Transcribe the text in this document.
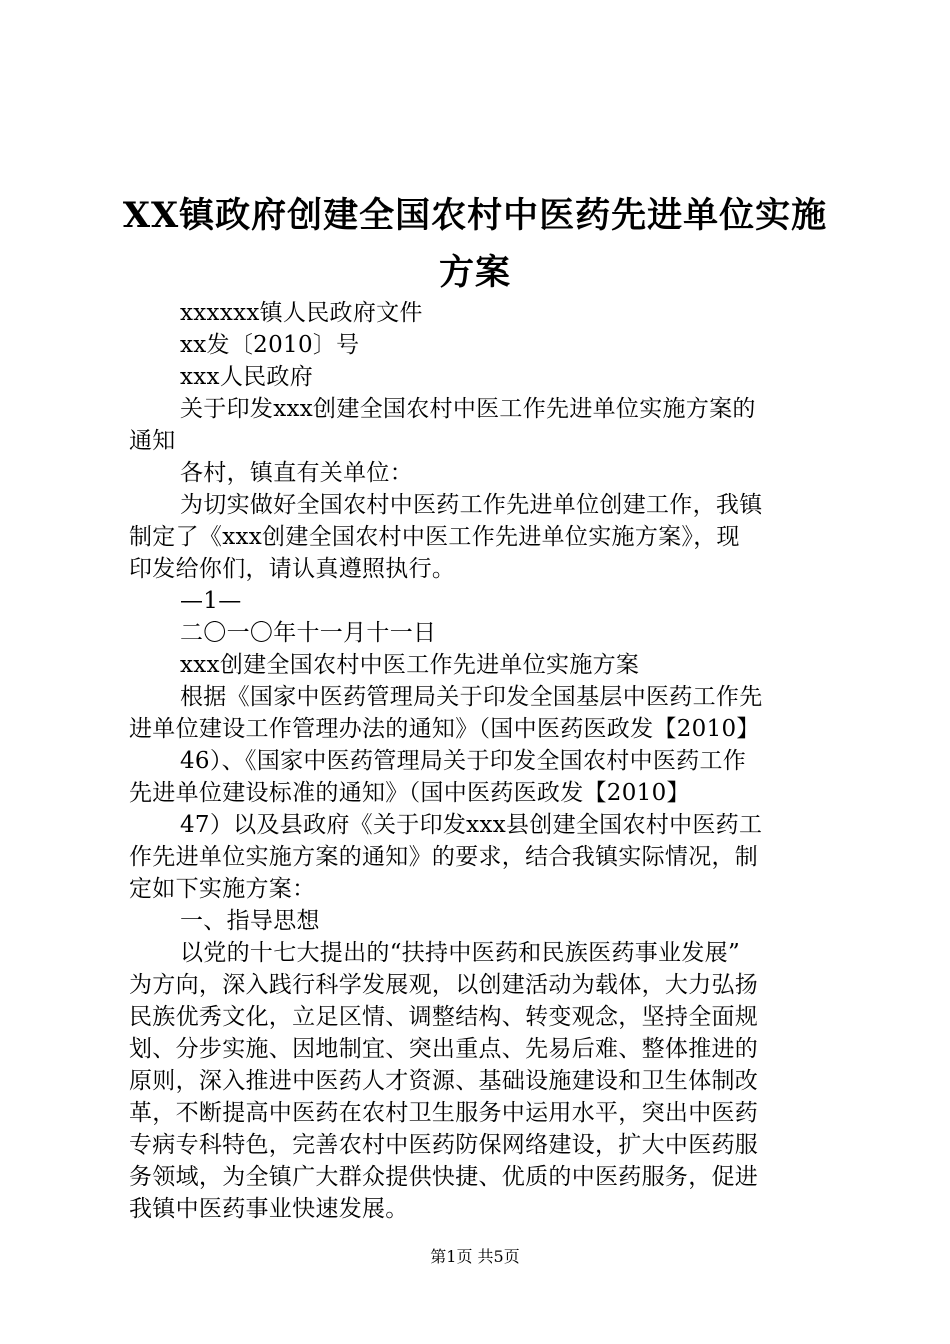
XX镇政府创建全国农村中医药先进单位实施
方案
xxxxxx镇人民政府文件
xx发〔2010〕号
xxx人民政府
关于印发xxx创建全国农村中医工作先进单位实施方案的
通知
各村，镇直有关单位：
为切实做好全国农村中医药工作先进单位创建工作，我镇
制定了《xxx创建全国农村中医工作先进单位实施方案》，现
印发给你们，请认真遵照执行。
—1—
二〇一〇年十一月十一日
xxx创建全国农村中医工作先进单位实施方案
根据《国家中医药管理局关于印发全国基层中医药工作先
进单位建设工作管理办法的通知》（国中医药医政发【2010】
46）、《国家中医药管理局关于印发全国农村中医药工作
先进单位建设标准的通知》（国中医药医政发【2010】
47）以及县政府《关于印发xxx县创建全国农村中医药工
作先进单位实施方案的通知》的要求，结合我镇实际情况，制
定如下实施方案：
一、指导思想
以党的十七大提出的“扶持中医药和民族医药事业发展”
为方向，深入践行科学发展观，以创建活动为载体，大力弘扬
民族优秀文化，立足区情、调整结构、转变观念，坚持全面规
划、分步实施、因地制宜、突出重点、先易后难、整体推进的
原则，深入推进中医药人才资源、基础设施建设和卫生体制改
革，不断提高中医药在农村卫生服务中运用水平，突出中医药
专病专科特色，完善农村中医药防保网络建设，扩大中医药服
务领域，为全镇广大群众提供快捷、优质的中医药服务，促进
我镇中医药事业快速发展。
第1页 共5页
